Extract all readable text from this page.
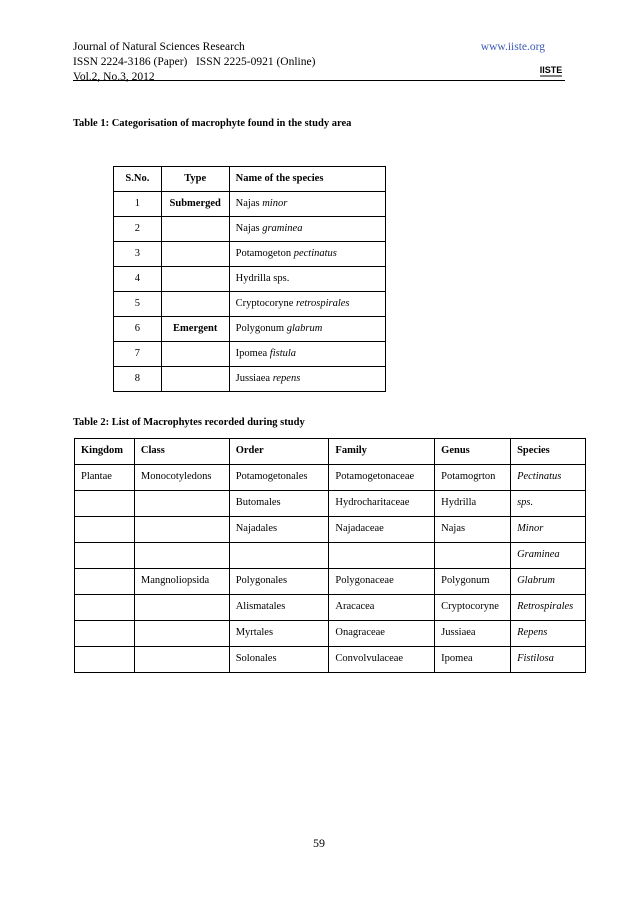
Journal of Natural Sciences Research
ISSN 2224-3186 (Paper)   ISSN 2225-0921 (Online)
Vol.2, No.3, 2012
www.iiste.org
IISTE
Table 1: Categorisation of macrophyte found in the study area
S.No.	Type	Name of the species
1	Submerged	Najas minor
2		Najas graminea
3		Potamogeton pectinatus
4		Hydrilla sps.
5		Cryptocoryne retrospirales
6	Emergent	Polygonum glabrum
7		Ipomea fistula
8		Jussiaea repens
Table 2: List of Macrophytes recorded during study
Kingdom	Class	Order	Family	Genus	Species
Plantae	Monocotyledons	Potamogetonales	Potamogetonaceae	Potamogrton	Pectinatus
		Butomales	Hydrocharitaceae	Hydrilla	sps.
		Najadales	Najadaceae	Najas	Minor
					Graminea
	Mangnoliopsida	Polygonales	Polygonaceae	Polygonum	Glabrum
		Alismatales	Aracacea	Cryptocoryne	Retrospirales
		Myrtales	Onagraceae	Jussiaea	Repens
		Solonales	Convolvulaceae	Ipomea	Fistilosa
59
